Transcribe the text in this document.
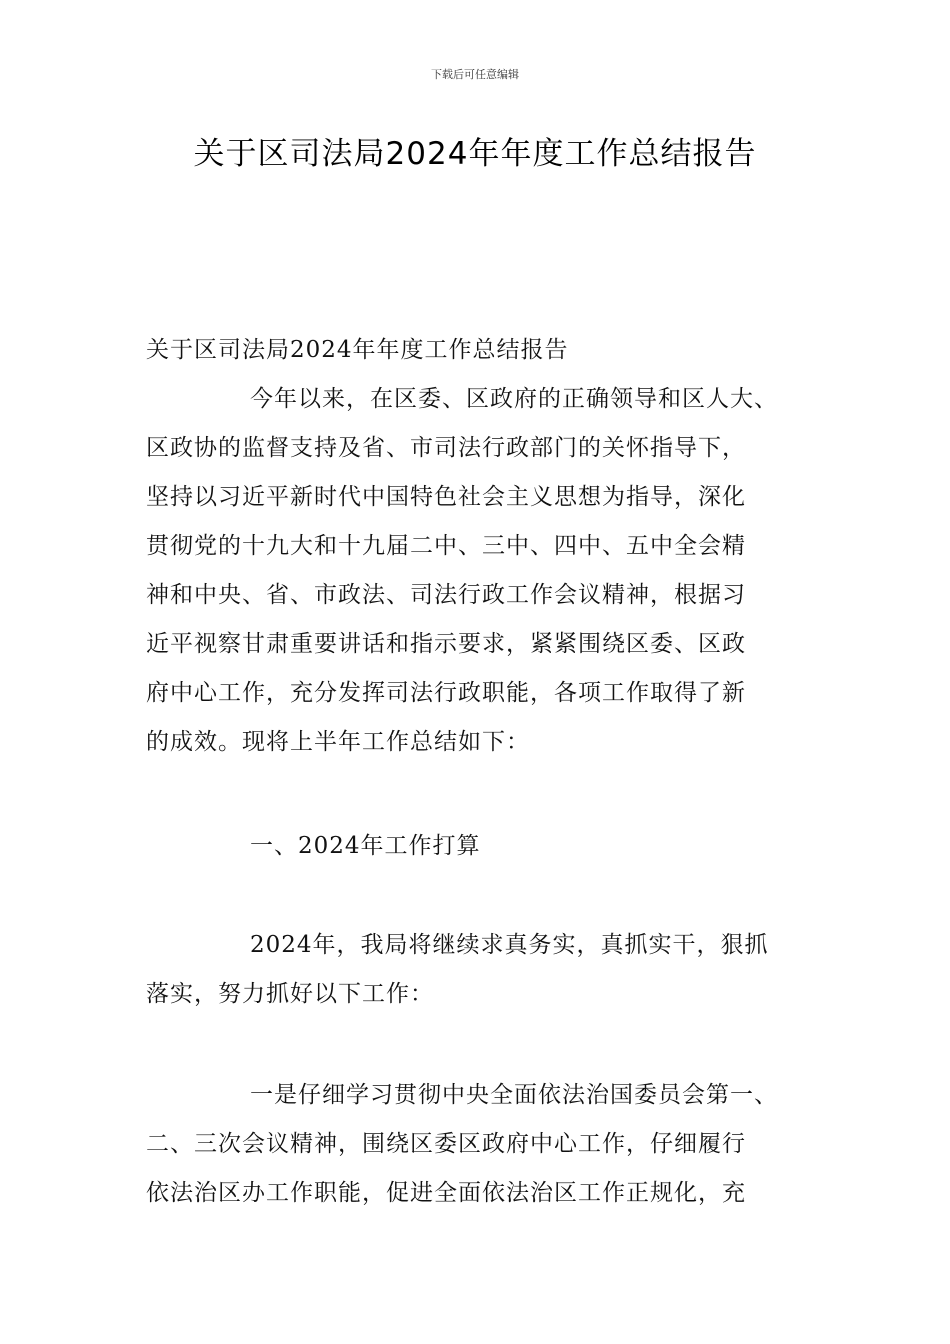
下载后可任意编辑
关于区司法局2024年年度工作总结报告
关于区司法局2024年年度工作总结报告
今年以来，在区委、区政府的正确领导和区人大、
区政协的监督支持及省、市司法行政部门的关怀指导下，
坚持以习近平新时代中国特色社会主义思想为指导，深化
贯彻党的十九大和十九届二中、三中、四中、五中全会精
神和中央、省、市政法、司法行政工作会议精神，根据习
近平视察甘肃重要讲话和指示要求，紧紧围绕区委、区政
府中心工作，充分发挥司法行政职能，各项工作取得了新
的成效。现将上半年工作总结如下：
一、2024年工作打算
2024年，我局将继续求真务实，真抓实干，狠抓
落实，努力抓好以下工作：
一是仔细学习贯彻中央全面依法治国委员会第一、
二、三次会议精神，围绕区委区政府中心工作，仔细履行
依法治区办工作职能，促进全面依法治区工作正规化，充
